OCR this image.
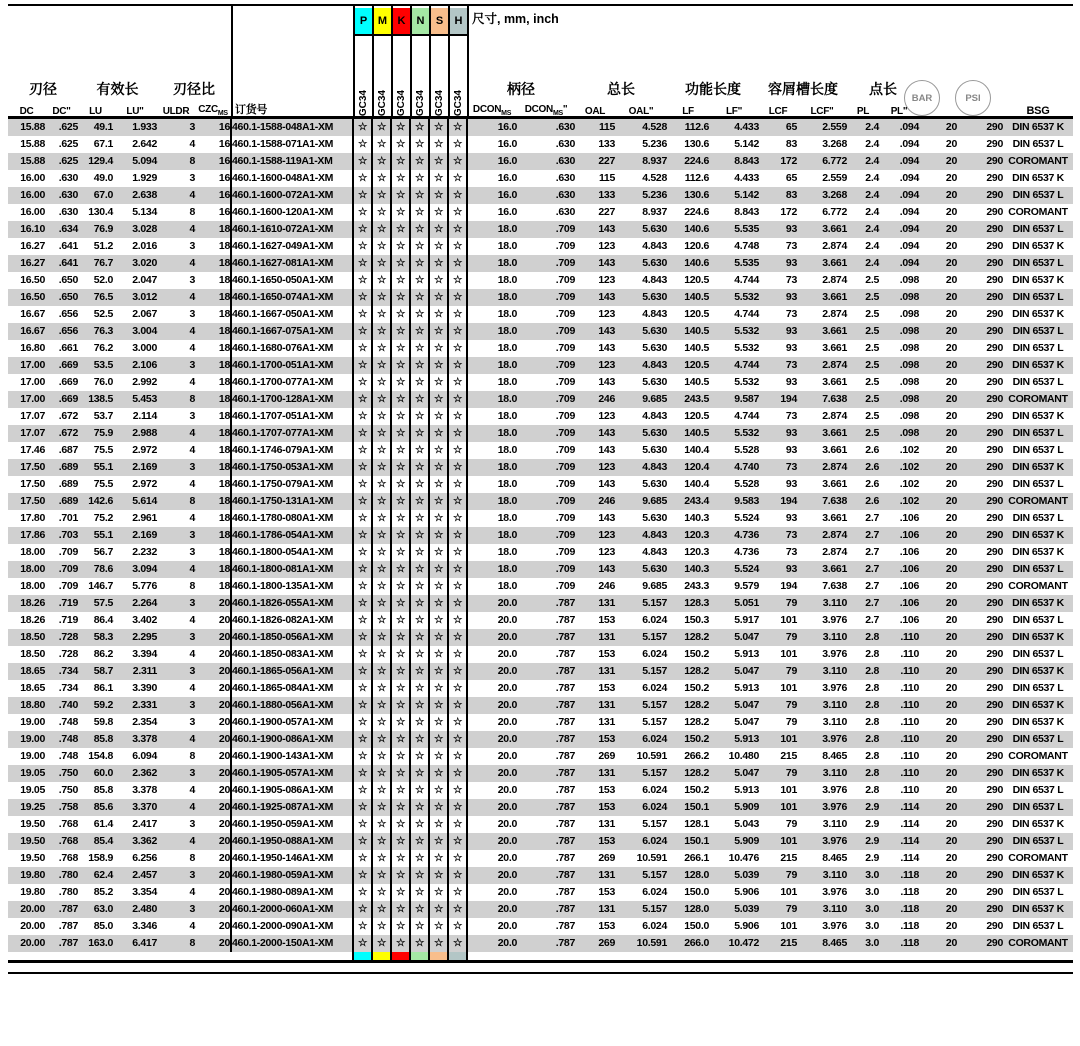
P
GC34
M
GC34
K
GC34
N
GC34
S
GC34
H
GC34
尺寸, mm, inch
刃径	有效长	刃径比	柄径	总长	功能长度	容屑槽长度	点长
BAR	PSI
DC	DC"	LU	LU"	ULDR $CZC_{MS}$ 订货号	$DCON_{MS}$	$DCON_{MS}$"	OAL	OAL"	LF	LF"	LCF	LCF"	PL	PL"	BSG
15.88	.625	49.1	1.933	3	16	460.1-1588-048A1-XM	☆	☆	☆	☆	☆	☆	16.0	.630	115	4.528	112.6	4.433	65	2.559	2.4	.094	20	290	DIN 6537 K
15.88	.625	67.1	2.642	4	16	460.1-1588-071A1-XM	☆	☆	☆	☆	☆	☆	16.0	.630	133	5.236	130.6	5.142	83	3.268	2.4	.094	20	290	DIN 6537 L
15.88	.625	129.4	5.094	8	16	460.1-1588-119A1-XM	☆	☆	☆	☆	☆	☆	16.0	.630	227	8.937	224.6	8.843	172	6.772	2.4	.094	20	290	COROMANT
16.00	.630	49.0	1.929	3	16	460.1-1600-048A1-XM	☆	☆	☆	☆	☆	☆	16.0	.630	115	4.528	112.6	4.433	65	2.559	2.4	.094	20	290	DIN 6537 K
16.00	.630	67.0	2.638	4	16	460.1-1600-072A1-XM	☆	☆	☆	☆	☆	☆	16.0	.630	133	5.236	130.6	5.142	83	3.268	2.4	.094	20	290	DIN 6537 L
16.00	.630	130.4	5.134	8	16	460.1-1600-120A1-XM	☆	☆	☆	☆	☆	☆	16.0	.630	227	8.937	224.6	8.843	172	6.772	2.4	.094	20	290	COROMANT
16.10	.634	76.9	3.028	4	18	460.1-1610-072A1-XM	☆	☆	☆	☆	☆	☆	18.0	.709	143	5.630	140.6	5.535	93	3.661	2.4	.094	20	290	DIN 6537 L
16.27	.641	51.2	2.016	3	18	460.1-1627-049A1-XM	☆	☆	☆	☆	☆	☆	18.0	.709	123	4.843	120.6	4.748	73	2.874	2.4	.094	20	290	DIN 6537 K
16.27	.641	76.7	3.020	4	18	460.1-1627-081A1-XM	☆	☆	☆	☆	☆	☆	18.0	.709	143	5.630	140.6	5.535	93	3.661	2.4	.094	20	290	DIN 6537 L
16.50	.650	52.0	2.047	3	18	460.1-1650-050A1-XM	☆	☆	☆	☆	☆	☆	18.0	.709	123	4.843	120.5	4.744	73	2.874	2.5	.098	20	290	DIN 6537 K
16.50	.650	76.5	3.012	4	18	460.1-1650-074A1-XM	☆	☆	☆	☆	☆	☆	18.0	.709	143	5.630	140.5	5.532	93	3.661	2.5	.098	20	290	DIN 6537 L
16.67	.656	52.5	2.067	3	18	460.1-1667-050A1-XM	☆	☆	☆	☆	☆	☆	18.0	.709	123	4.843	120.5	4.744	73	2.874	2.5	.098	20	290	DIN 6537 K
16.67	.656	76.3	3.004	4	18	460.1-1667-075A1-XM	☆	☆	☆	☆	☆	☆	18.0	.709	143	5.630	140.5	5.532	93	3.661	2.5	.098	20	290	DIN 6537 L
16.80	.661	76.2	3.000	4	18	460.1-1680-076A1-XM	☆	☆	☆	☆	☆	☆	18.0	.709	143	5.630	140.5	5.532	93	3.661	2.5	.098	20	290	DIN 6537 L
17.00	.669	53.5	2.106	3	18	460.1-1700-051A1-XM	☆	☆	☆	☆	☆	☆	18.0	.709	123	4.843	120.5	4.744	73	2.874	2.5	.098	20	290	DIN 6537 K
17.00	.669	76.0	2.992	4	18	460.1-1700-077A1-XM	☆	☆	☆	☆	☆	☆	18.0	.709	143	5.630	140.5	5.532	93	3.661	2.5	.098	20	290	DIN 6537 L
17.00	.669	138.5	5.453	8	18	460.1-1700-128A1-XM	☆	☆	☆	☆	☆	☆	18.0	.709	246	9.685	243.5	9.587	194	7.638	2.5	.098	20	290	COROMANT
17.07	.672	53.7	2.114	3	18	460.1-1707-051A1-XM	☆	☆	☆	☆	☆	☆	18.0	.709	123	4.843	120.5	4.744	73	2.874	2.5	.098	20	290	DIN 6537 K
17.07	.672	75.9	2.988	4	18	460.1-1707-077A1-XM	☆	☆	☆	☆	☆	☆	18.0	.709	143	5.630	140.5	5.532	93	3.661	2.5	.098	20	290	DIN 6537 L
17.46	.687	75.5	2.972	4	18	460.1-1746-079A1-XM	☆	☆	☆	☆	☆	☆	18.0	.709	143	5.630	140.4	5.528	93	3.661	2.6	.102	20	290	DIN 6537 L
17.50	.689	55.1	2.169	3	18	460.1-1750-053A1-XM	☆	☆	☆	☆	☆	☆	18.0	.709	123	4.843	120.4	4.740	73	2.874	2.6	.102	20	290	DIN 6537 K
17.50	.689	75.5	2.972	4	18	460.1-1750-079A1-XM	☆	☆	☆	☆	☆	☆	18.0	.709	143	5.630	140.4	5.528	93	3.661	2.6	.102	20	290	DIN 6537 L
17.50	.689	142.6	5.614	8	18	460.1-1750-131A1-XM	☆	☆	☆	☆	☆	☆	18.0	.709	246	9.685	243.4	9.583	194	7.638	2.6	.102	20	290	COROMANT
17.80	.701	75.2	2.961	4	18	460.1-1780-080A1-XM	☆	☆	☆	☆	☆	☆	18.0	.709	143	5.630	140.3	5.524	93	3.661	2.7	.106	20	290	DIN 6537 L
17.86	.703	55.1	2.169	3	18	460.1-1786-054A1-XM	☆	☆	☆	☆	☆	☆	18.0	.709	123	4.843	120.3	4.736	73	2.874	2.7	.106	20	290	DIN 6537 K
18.00	.709	56.7	2.232	3	18	460.1-1800-054A1-XM	☆	☆	☆	☆	☆	☆	18.0	.709	123	4.843	120.3	4.736	73	2.874	2.7	.106	20	290	DIN 6537 K
18.00	.709	78.6	3.094	4	18	460.1-1800-081A1-XM	☆	☆	☆	☆	☆	☆	18.0	.709	143	5.630	140.3	5.524	93	3.661	2.7	.106	20	290	DIN 6537 L
18.00	.709	146.7	5.776	8	18	460.1-1800-135A1-XM	☆	☆	☆	☆	☆	☆	18.0	.709	246	9.685	243.3	9.579	194	7.638	2.7	.106	20	290	COROMANT
18.26	.719	57.5	2.264	3	20	460.1-1826-055A1-XM	☆	☆	☆	☆	☆	☆	20.0	.787	131	5.157	128.3	5.051	79	3.110	2.7	.106	20	290	DIN 6537 K
18.26	.719	86.4	3.402	4	20	460.1-1826-082A1-XM	☆	☆	☆	☆	☆	☆	20.0	.787	153	6.024	150.3	5.917	101	3.976	2.7	.106	20	290	DIN 6537 L
18.50	.728	58.3	2.295	3	20	460.1-1850-056A1-XM	☆	☆	☆	☆	☆	☆	20.0	.787	131	5.157	128.2	5.047	79	3.110	2.8	.110	20	290	DIN 6537 K
18.50	.728	86.2	3.394	4	20	460.1-1850-083A1-XM	☆	☆	☆	☆	☆	☆	20.0	.787	153	6.024	150.2	5.913	101	3.976	2.8	.110	20	290	DIN 6537 L
18.65	.734	58.7	2.311	3	20	460.1-1865-056A1-XM	☆	☆	☆	☆	☆	☆	20.0	.787	131	5.157	128.2	5.047	79	3.110	2.8	.110	20	290	DIN 6537 K
18.65	.734	86.1	3.390	4	20	460.1-1865-084A1-XM	☆	☆	☆	☆	☆	☆	20.0	.787	153	6.024	150.2	5.913	101	3.976	2.8	.110	20	290	DIN 6537 L
18.80	.740	59.2	2.331	3	20	460.1-1880-056A1-XM	☆	☆	☆	☆	☆	☆	20.0	.787	131	5.157	128.2	5.047	79	3.110	2.8	.110	20	290	DIN 6537 K
19.00	.748	59.8	2.354	3	20	460.1-1900-057A1-XM	☆	☆	☆	☆	☆	☆	20.0	.787	131	5.157	128.2	5.047	79	3.110	2.8	.110	20	290	DIN 6537 K
19.00	.748	85.8	3.378	4	20	460.1-1900-086A1-XM	☆	☆	☆	☆	☆	☆	20.0	.787	153	6.024	150.2	5.913	101	3.976	2.8	.110	20	290	DIN 6537 L
19.00	.748	154.8	6.094	8	20	460.1-1900-143A1-XM	☆	☆	☆	☆	☆	☆	20.0	.787	269	10.591	266.2	10.480	215	8.465	2.8	.110	20	290	COROMANT
19.05	.750	60.0	2.362	3	20	460.1-1905-057A1-XM	☆	☆	☆	☆	☆	☆	20.0	.787	131	5.157	128.2	5.047	79	3.110	2.8	.110	20	290	DIN 6537 K
19.05	.750	85.8	3.378	4	20	460.1-1905-086A1-XM	☆	☆	☆	☆	☆	☆	20.0	.787	153	6.024	150.2	5.913	101	3.976	2.8	.110	20	290	DIN 6537 L
19.25	.758	85.6	3.370	4	20	460.1-1925-087A1-XM	☆	☆	☆	☆	☆	☆	20.0	.787	153	6.024	150.1	5.909	101	3.976	2.9	.114	20	290	DIN 6537 L
19.50	.768	61.4	2.417	3	20	460.1-1950-059A1-XM	☆	☆	☆	☆	☆	☆	20.0	.787	131	5.157	128.1	5.043	79	3.110	2.9	.114	20	290	DIN 6537 K
19.50	.768	85.4	3.362	4	20	460.1-1950-088A1-XM	☆	☆	☆	☆	☆	☆	20.0	.787	153	6.024	150.1	5.909	101	3.976	2.9	.114	20	290	DIN 6537 L
19.50	.768	158.9	6.256	8	20	460.1-1950-146A1-XM	☆	☆	☆	☆	☆	☆	20.0	.787	269	10.591	266.1	10.476	215	8.465	2.9	.114	20	290	COROMANT
19.80	.780	62.4	2.457	3	20	460.1-1980-059A1-XM	☆	☆	☆	☆	☆	☆	20.0	.787	131	5.157	128.0	5.039	79	3.110	3.0	.118	20	290	DIN 6537 K
19.80	.780	85.2	3.354	4	20	460.1-1980-089A1-XM	☆	☆	☆	☆	☆	☆	20.0	.787	153	6.024	150.0	5.906	101	3.976	3.0	.118	20	290	DIN 6537 L
20.00	.787	63.0	2.480	3	20	460.1-2000-060A1-XM	☆	☆	☆	☆	☆	☆	20.0	.787	131	5.157	128.0	5.039	79	3.110	3.0	.118	20	290	DIN 6537 K
20.00	.787	85.0	3.346	4	20	460.1-2000-090A1-XM	☆	☆	☆	☆	☆	☆	20.0	.787	153	6.024	150.0	5.906	101	3.976	3.0	.118	20	290	DIN 6537 L
20.00	.787	163.0	6.417	8	20	460.1-2000-150A1-XM	☆	☆	☆	☆	☆	☆	20.0	.787	269	10.591	266.0	10.472	215	8.465	3.0	.118	20	290	COROMANT
